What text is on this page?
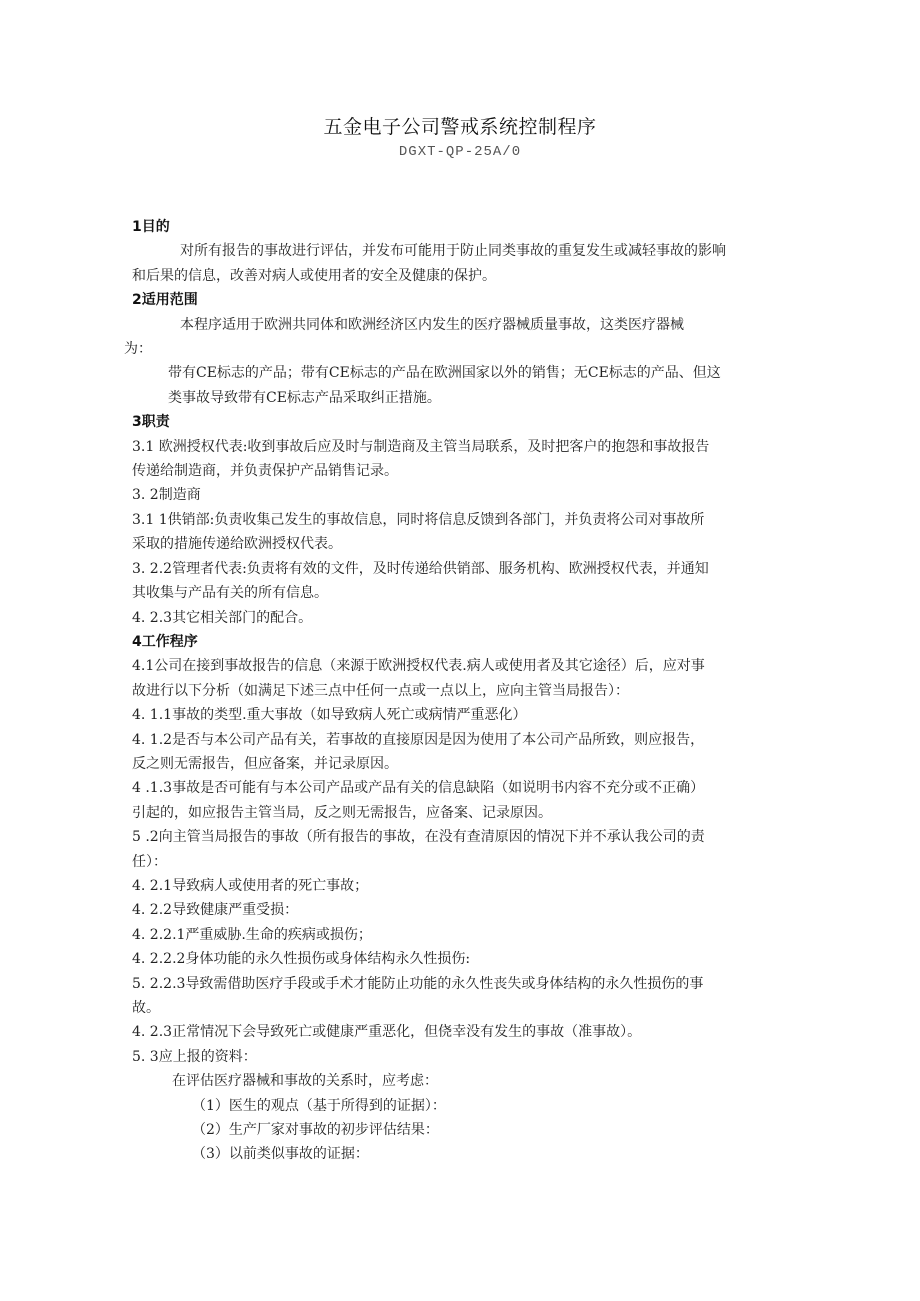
五金电子公司警戒系统控制程序
DGXT-QP-25A/0

1目的

对所有报告的事故进行评估，并发布可能用于防止同类事故的重复发生或减轻事故的影响

和后果的信息，改善对病人或使用者的安全及健康的保护。

2适用范围

本程序适用于欧洲共同体和欧洲经济区内发生的医疗器械质量事故，这类医疗器械

为：

带有CE标志的产品；带有CE标志的产品在欧洲国家以外的销售；无CE标志的产品、但这

类事故导致带有CE标志产品采取纠正措施。

3职责

3.1 欧洲授权代表:收到事故后应及时与制造商及主管当局联系，及时把客户的抱怨和事故报告

传递给制造商，并负责保护产品销售记录。

3. 2制造商

3.1 1供销部:负责收集己发生的事故信息，同时将信息反馈到各部门，并负责将公司对事故所

采取的措施传递给欧洲授权代表。

3. 2.2管理者代表:负责将有效的文件，及时传递给供销部、服务机构、欧洲授权代表，并通知

其收集与产品有关的所有信息。

4. 2.3其它相关部门的配合。

4工作程序

4.1公司在接到事故报告的信息（来源于欧洲授权代表.病人或使用者及其它途径）后，应对事

故进行以下分析（如满足下述三点中任何一点或一点以上，应向主管当局报告）：

4. 1.1事故的类型.重大事故（如导致病人死亡或病情严重恶化）

4. 1.2是否与本公司产品有关，若事故的直接原因是因为使用了本公司产品所致，则应报告，

反之则无需报告，但应备案，并记录原因。

4 .1.3事故是否可能有与本公司产品或产品有关的信息缺陷（如说明书内容不充分或不正确）

引起的，如应报告主管当局，反之则无需报告，应备案、记录原因。

5 .2向主管当局报告的事故（所有报告的事故，在没有查清原因的情况下并不承认我公司的责

任）：

4. 2.1导致病人或使用者的死亡事故；

4. 2.2导致健康严重受损：

4. 2.2.1严重威胁.生命的疾病或损伤；

4. 2.2.2身体功能的永久性损伤或身体结构永久性损伤:

5. 2.2.3导致需借助医疗手段或手术才能防止功能的永久性丧失或身体结构的永久性损伤的事

故。

4. 2.3正常情况下会导致死亡或健康严重恶化，但侥幸没有发生的事故（准事故）。

5. 3应上报的资料：

在评估医疗器械和事故的关系时，应考虑：

（1）医生的观点（基于所得到的证据）：

（2）生产厂家对事故的初步评估结果：

（3）以前类似事故的证据：
